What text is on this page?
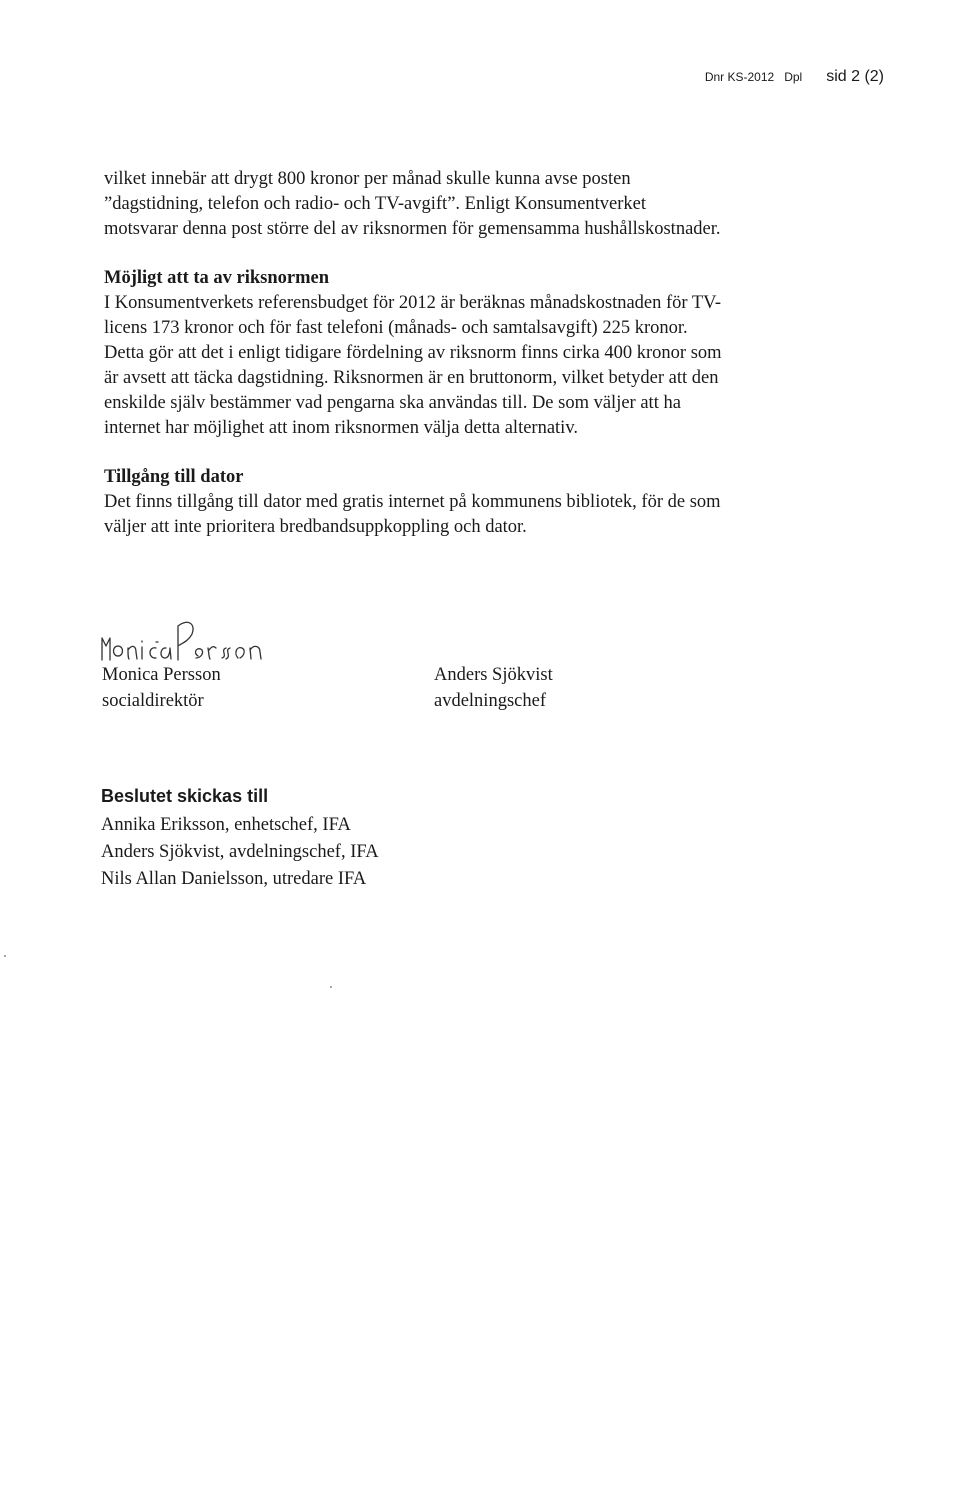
Dnr KS-2012 Dpl sid 2 (2)
vilket innebär att drygt 800 kronor per månad skulle kunna avse posten
”dagstidning, telefon och radio- och TV-avgift”. Enligt Konsumentverket
motsvarar denna post större del av riksnormen för gemensamma hushållskostnader.
Möjligt att ta av riksnormen
I Konsumentverkets referensbudget för 2012 är beräknas månadskostnaden för TV-
licens 173 kronor och för fast telefoni (månads- och samtalsavgift) 225 kronor.
Detta gör att det i enligt tidigare fördelning av riksnorm finns cirka 400 kronor som
är avsett att täcka dagstidning. Riksnormen är en bruttonorm, vilket betyder att den
enskilde själv bestämmer vad pengarna ska användas till. De som väljer att ha
internet har möjlighet att inom riksnormen välja detta alternativ.
Tillgång till dator
Det finns tillgång till dator med gratis internet på kommunens bibliotek, för de som
väljer att inte prioritera bredbandsuppkoppling och dator.
Monica Persson
Monica Persson
socialdirektör
Anders Sjökvist
avdelningschef
Beslutet skickas till
Annika Eriksson, enhetschef, IFA
Anders Sjökvist, avdelningschef, IFA
Nils Allan Danielsson, utredare IFA
